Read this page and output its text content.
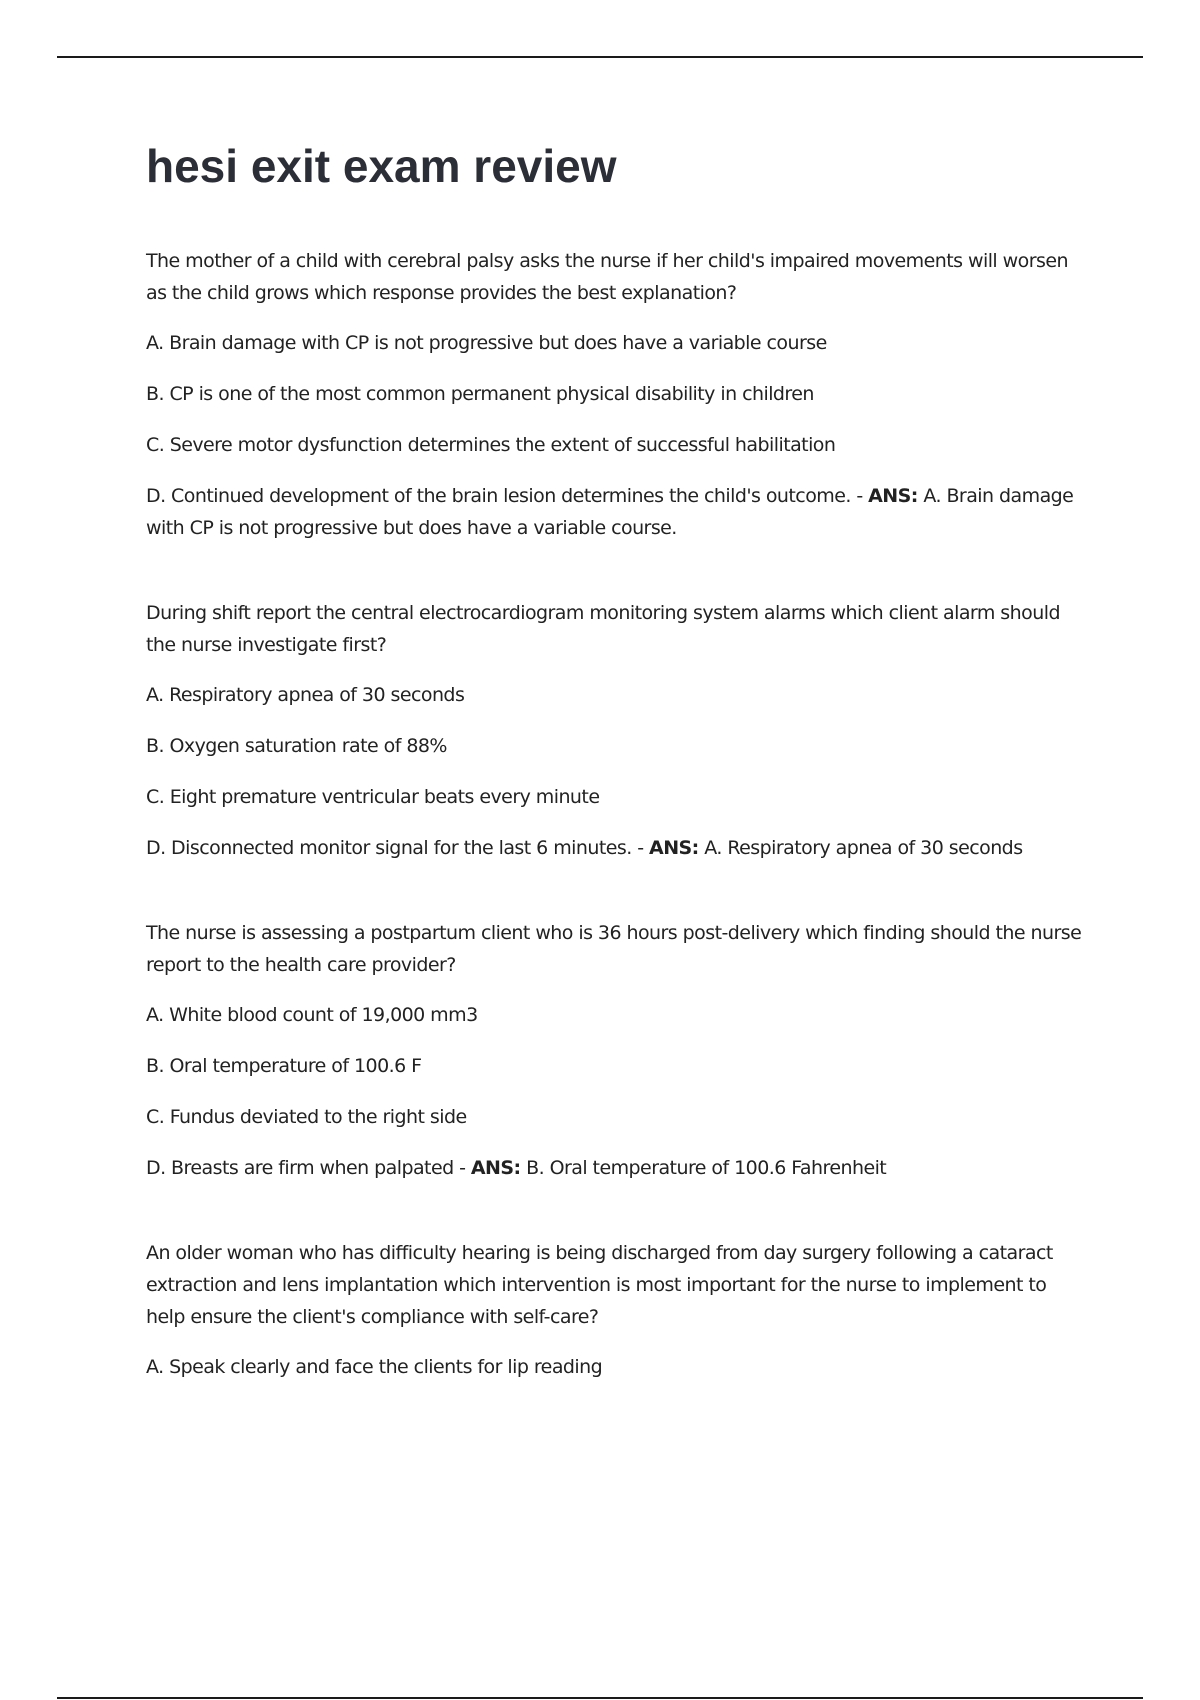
hesi exit exam review

The mother of a child with cerebral palsy asks the nurse if her child's impaired movements will worsen as the child grows which response provides the best explanation?

A. Brain damage with CP is not progressive but does have a variable course

B. CP is one of the most common permanent physical disability in children

C. Severe motor dysfunction determines the extent of successful habilitation

D. Continued development of the brain lesion determines the child's outcome. - ANS: A. Brain damage with CP is not progressive but does have a variable course.

During shift report the central electrocardiogram monitoring system alarms which client alarm should the nurse investigate first?

A. Respiratory apnea of 30 seconds

B. Oxygen saturation rate of 88%

C. Eight premature ventricular beats every minute

D. Disconnected monitor signal for the last 6 minutes. - ANS: A. Respiratory apnea of 30 seconds

The nurse is assessing a postpartum client who is 36 hours post-delivery which finding should the nurse report to the health care provider?

A. White blood count of 19,000 mm3

B. Oral temperature of 100.6 F

C. Fundus deviated to the right side

D. Breasts are firm when palpated - ANS: B. Oral temperature of 100.6 Fahrenheit

An older woman who has difficulty hearing is being discharged from day surgery following a cataract extraction and lens implantation which intervention is most important for the nurse to implement to help ensure the client's compliance with self-care?

A. Speak clearly and face the clients for lip reading
